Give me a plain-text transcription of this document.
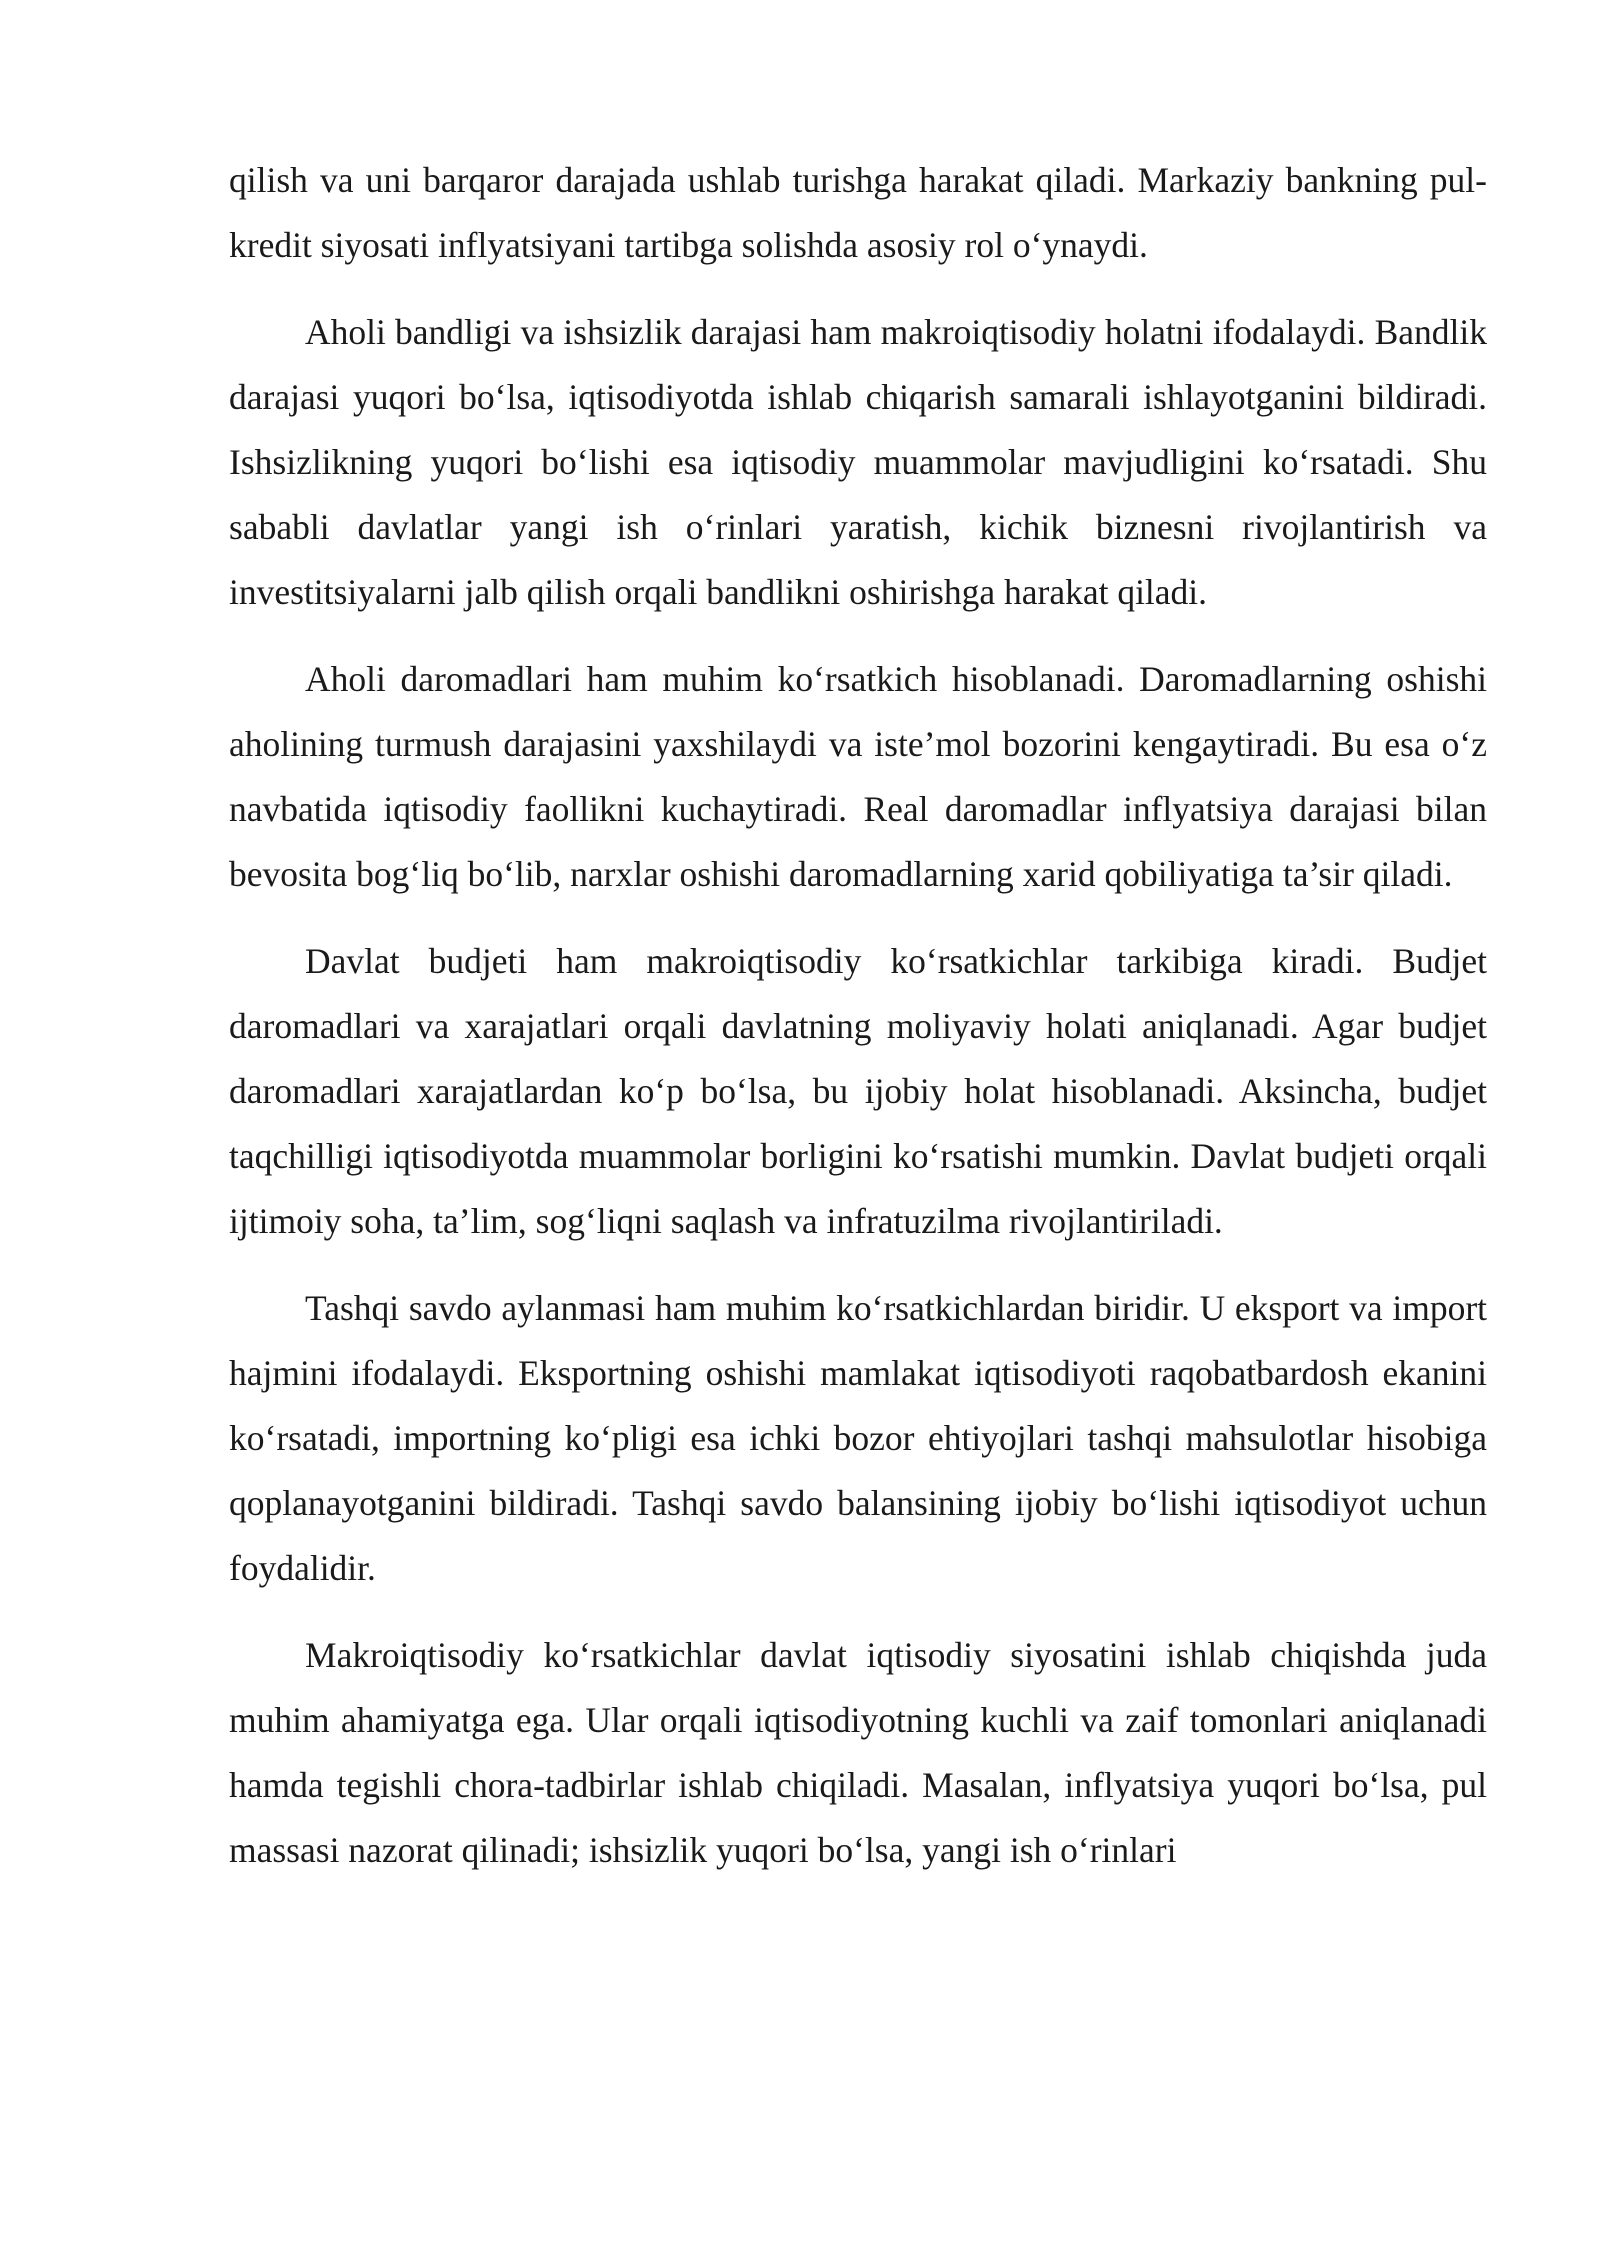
qilish va uni barqaror darajada ushlab turishga harakat qiladi. Markaziy bankning pul-kredit siyosati inflyatsiyani tartibga solishda asosiy rol o‘ynaydi.

Aholi bandligi va ishsizlik darajasi ham makroiqtisodiy holatni ifodalaydi. Bandlik darajasi yuqori bo‘lsa, iqtisodiyotda ishlab chiqarish samarali ishlayotganini bildiradi. Ishsizlikning yuqori bo‘lishi esa iqtisodiy muammolar mavjudligini ko‘rsatadi. Shu sababli davlatlar yangi ish o‘rinlari yaratish, kichik biznesni rivojlantirish va investitsiyalarni jalb qilish orqali bandlikni oshirishga harakat qiladi.

Aholi daromadlari ham muhim ko‘rsatkich hisoblanadi. Daromadlarning oshishi aholining turmush darajasini yaxshilaydi va iste’mol bozorini kengaytiradi. Bu esa o‘z navbatida iqtisodiy faollikni kuchaytiradi. Real daromadlar inflyatsiya darajasi bilan bevosita bog‘liq bo‘lib, narxlar oshishi daromadlarning xarid qobiliyatiga ta’sir qiladi.

Davlat budjeti ham makroiqtisodiy ko‘rsatkichlar tarkibiga kiradi. Budjet daromadlari va xarajatlari orqali davlatning moliyaviy holati aniqlanadi. Agar budjet daromadlari xarajatlardan ko‘p bo‘lsa, bu ijobiy holat hisoblanadi. Aksincha, budjet taqchilligi iqtisodiyotda muammolar borligini ko‘rsatishi mumkin. Davlat budjeti orqali ijtimoiy soha, ta’lim, sog‘liqni saqlash va infratuzilma rivojlantiriladi.

Tashqi savdo aylanmasi ham muhim ko‘rsatkichlardan biridir. U eksport va import hajmini ifodalaydi. Eksportning oshishi mamlakat iqtisodiyoti raqobatbardosh ekanini ko‘rsatadi, importning ko‘pligi esa ichki bozor ehtiyojlari tashqi mahsulotlar hisobiga qoplanayotganini bildiradi. Tashqi savdo balansining ijobiy bo‘lishi iqtisodiyot uchun foydalidir.

Makroiqtisodiy ko‘rsatkichlar davlat iqtisodiy siyosatini ishlab chiqishda juda muhim ahamiyatga ega. Ular orqali iqtisodiyotning kuchli va zaif tomonlari aniqlanadi hamda tegishli chora-tadbirlar ishlab chiqiladi. Masalan, inflyatsiya yuqori bo‘lsa, pul massasi nazorat qilinadi; ishsizlik yuqori bo‘lsa, yangi ish o‘rinlari
